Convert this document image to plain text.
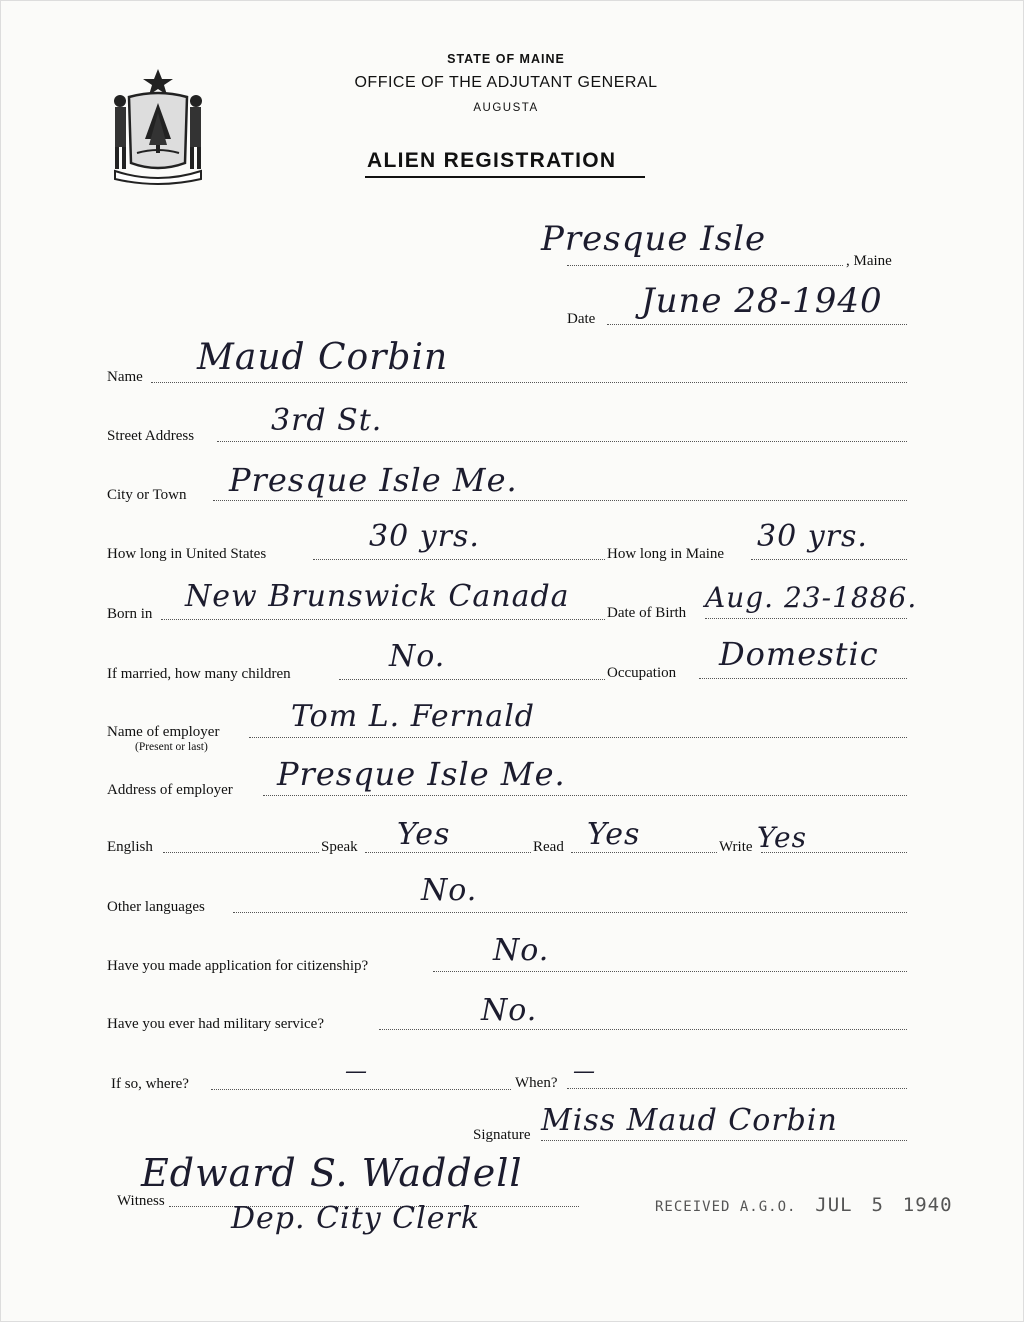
STATE OF MAINE
OFFICE OF THE ADJUTANT GENERAL
AUGUSTA
ALIEN REGISTRATION
Presque Isle
, Maine
Date June 28-1940
Name Maud Corbin
Street Address	3rd St.
City or Town Presque Isle Me.
How long in United States	30 yrs.	How long in Maine 30 yrs.
Born in New Brunswick Canada Date of Birth Aug. 23-1886.
If married, how many children	No.	Occupation Domestic
Name of employer
(Present or last)
Tom L. Fernald
Address of employer Presque Isle Me.
English	Speak Yes	Read Yes	Write Yes
Other languages	No.
Have you made application for citizenship?	No.
Have you ever had military service?	No.
If so, where?	—	When? —
Signature Miss Maud Corbin
Witness
Edward S. Waddell
Dep. City Clerk	RECEIVED A.G.O. JUL 5 1940
